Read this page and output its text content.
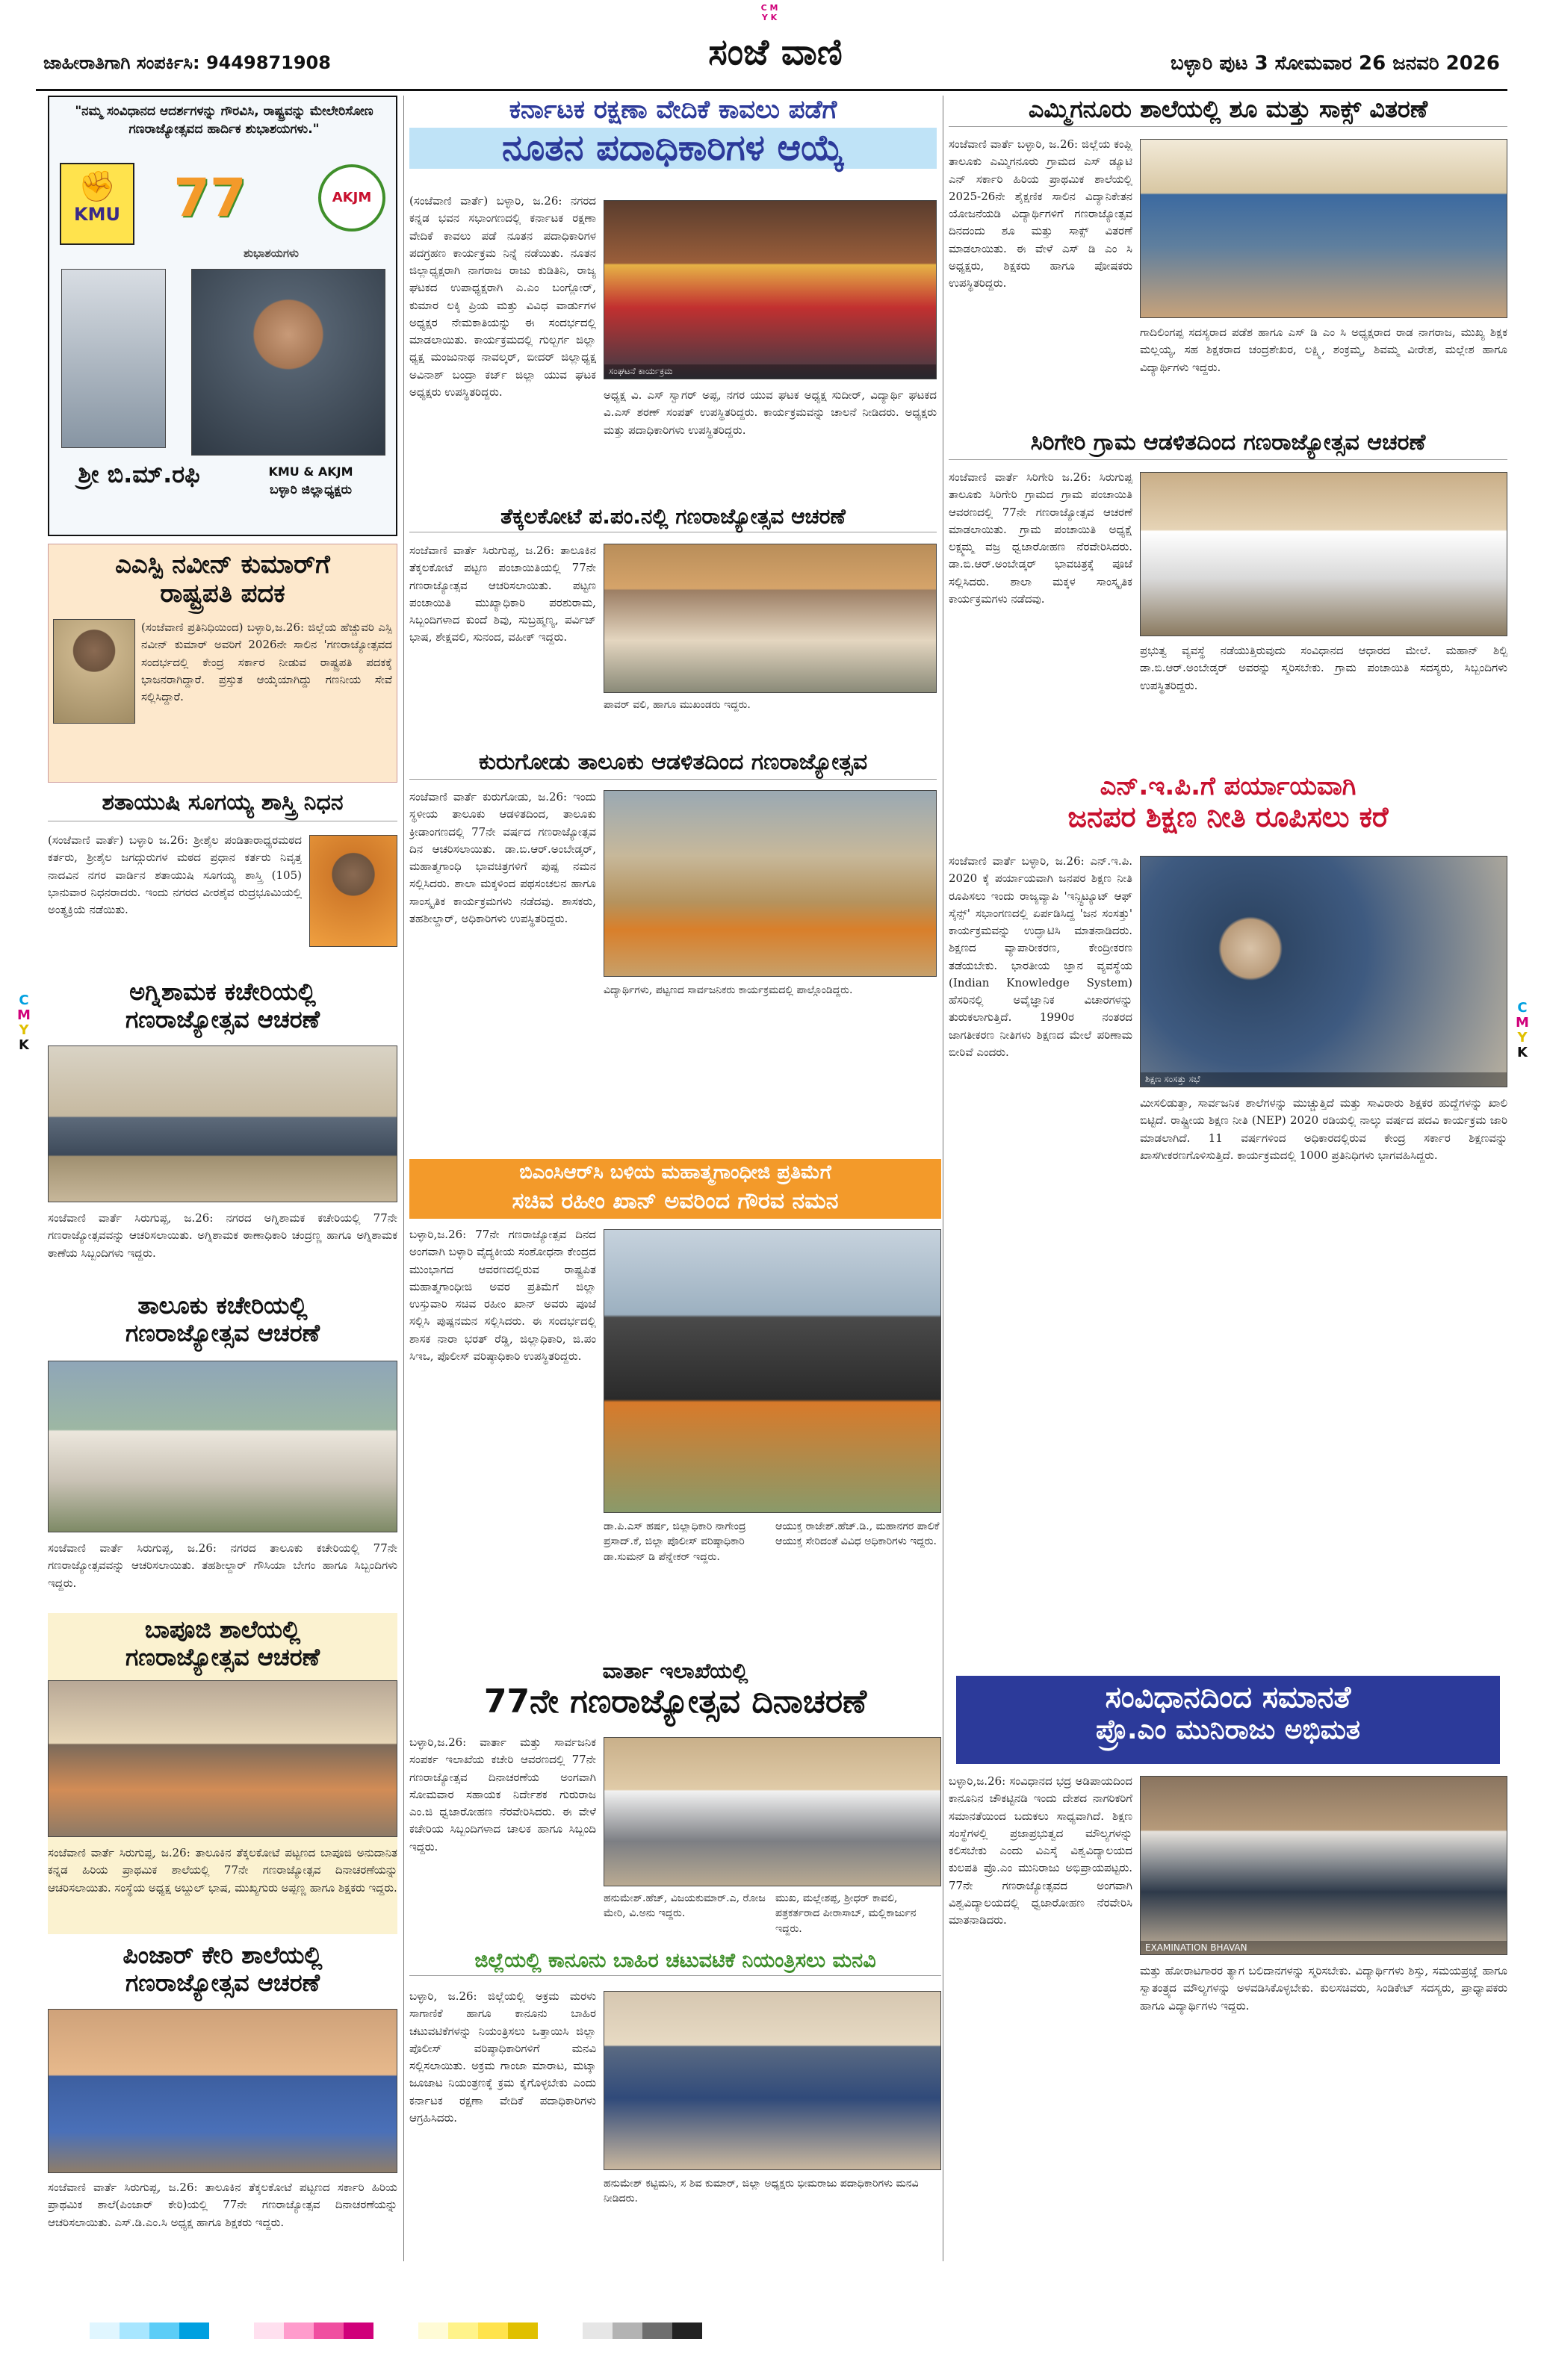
C M
Y K
ಜಾಹೀರಾತಿಗಾಗಿ ಸಂಪರ್ಕಿಸಿ: 9449871908	ಸಂಜೆ ವಾಣಿ	ಬಳ್ಳಾರಿ ಪುಟ 3 ಸೋಮವಾರ 26 ಜನವರಿ 2026
"ನಮ್ಮ ಸಂವಿಧಾನದ ಆದರ್ಶಗಳನ್ನು ಗೌರವಿಸಿ, ರಾಷ್ಟ್ರವನ್ನು ಮೇಲೇರಿಸೋಣ ಗಣರಾಜ್ಯೋತ್ಸವದ ಹಾರ್ದಿಕ ಶುಭಾಶಯಗಳು."
✊
KMU	77	AKJM
ಶುಭಾಶಯಗಳು
ಶ್ರೀ ಬಿ.ಮ್.ರಫಿ	KMU & AKJM
ಬಳ್ಳಾರಿ ಜಿಲ್ಲಾಧ್ಯಕ್ಷರು
ಎಎಸ್ಪಿ ನವೀನ್ ಕುಮಾರ್‌ಗೆ
ರಾಷ್ಟ್ರಪತಿ ಪದಕ
(ಸಂಜೆವಾಣಿ ಪ್ರತಿನಿಧಿಯಿಂದ) ಬಳ್ಳಾರಿ,ಜ.26: ಜಿಲ್ಲೆಯ ಹೆಚ್ಚುವರಿ ಎಸ್ಪಿ ನವೀನ್ ಕುಮಾರ್ ಅವರಿಗೆ 2026ನೇ ಸಾಲಿನ 'ಗಣರಾಜ್ಯೋತ್ಸವದ ಸಂದರ್ಭದಲ್ಲಿ ಕೇಂದ್ರ ಸರ್ಕಾರ ನೀಡುವ ರಾಷ್ಟ್ರಪತಿ ಪದಕಕ್ಕೆ ಭಾಜನರಾಗಿದ್ದಾರೆ. ಪ್ರಸ್ತುತ ಆಯ್ಕೆಯಾಗಿದ್ದು ಗಣನೀಯ ಸೇವೆ ಸಲ್ಲಿಸಿದ್ದಾರೆ.
ಶತಾಯುಷಿ ಸೂಗಯ್ಯ ಶಾಸ್ತ್ರಿ ನಿಧನ
(ಸಂಜೆವಾಣಿ ವಾರ್ತೆ) ಬಳ್ಳಾರಿ ಜ.26: ಶ್ರೀಶೈಲ ಪಂಡಿತಾರಾಧ್ಯರಮಠದ ಕರ್ತರು, ಶ್ರೀಶೈಲ ಜಗದ್ಗುರುಗಳ ಮಠದ ಪ್ರಧಾನ ಕರ್ತರು ನಿವೃತ್ತ ನಾದವಿನ ನಗರ ವಾರ್ಡಿನ ಶತಾಯುಷಿ ಸೂಗಯ್ಯ ಶಾಸ್ತ್ರಿ (105) ಭಾನುವಾರ ನಿಧನರಾದರು. ಇಂದು ನಗರದ ವೀರಶೈವ ರುದ್ರಭೂಮಿಯಲ್ಲಿ ಅಂತ್ಯಕ್ರಿಯೆ ನಡೆಯಿತು.
ಅಗ್ನಿಶಾಮಕ ಕಚೇರಿಯಲ್ಲಿ
ಗಣರಾಜ್ಯೋತ್ಸವ ಆಚರಣೆ
ಸಂಜೆವಾಣಿ ವಾರ್ತೆ ಸಿರುಗುಪ್ಪ, ಜ.26: ನಗರದ ಅಗ್ನಿಶಾಮಕ ಕಚೇರಿಯಲ್ಲಿ 77ನೇ ಗಣರಾಜ್ಯೋತ್ಸವವನ್ನು ಆಚರಿಸಲಾಯಿತು. ಅಗ್ನಿಶಾಮಕ ಠಾಣಾಧಿಕಾರಿ ಚಂದ್ರಣ್ಣ ಹಾಗೂ ಅಗ್ನಿಶಾಮಕ ಠಾಣೆಯ ಸಿಬ್ಬಂದಿಗಳು ಇದ್ದರು.
ತಾಲೂಕು ಕಚೇರಿಯಲ್ಲಿ
ಗಣರಾಜ್ಯೋತ್ಸವ ಆಚರಣೆ
ಸಂಜೆವಾಣಿ ವಾರ್ತೆ ಸಿರುಗುಪ್ಪ, ಜ.26: ನಗರದ ತಾಲೂಕು ಕಚೇರಿಯಲ್ಲಿ 77ನೇ ಗಣರಾಜ್ಯೋತ್ಸವವನ್ನು ಆಚರಿಸಲಾಯಿತು. ತಹಶೀಲ್ದಾರ್ ಗೌಸಿಯಾ ಬೇಗಂ ಹಾಗೂ ಸಿಬ್ಬಂದಿಗಳು ಇದ್ದರು.
ಬಾಪೂಜಿ ಶಾಲೆಯಲ್ಲಿ
ಗಣರಾಜ್ಯೋತ್ಸವ ಆಚರಣೆ
ಸಂಜೆವಾಣಿ ವಾರ್ತೆ ಸಿರುಗುಪ್ಪ, ಜ.26: ತಾಲೂಕಿನ ತೆಕ್ಕಲಕೋಟೆ ಪಟ್ಟಣದ ಬಾಪೂಜಿ ಅನುದಾನಿತ ಕನ್ನಡ ಹಿರಿಯ ಪ್ರಾಥಮಿಕ ಶಾಲೆಯಲ್ಲಿ 77ನೇ ಗಣರಾಜ್ಯೋತ್ಸವ ದಿನಾಚರಣೆಯನ್ನು ಆಚರಿಸಲಾಯಿತು. ಸಂಸ್ಥೆಯ ಅಧ್ಯಕ್ಷ ಅಬ್ದುಲ್ ಭಾಷ, ಮುಖ್ಯಗುರು ಅಪ್ಪಣ್ಣ ಹಾಗೂ ಶಿಕ್ಷಕರು ಇದ್ದರು.
ಪಿಂಜಾರ್ ಕೇರಿ ಶಾಲೆಯಲ್ಲಿ
ಗಣರಾಜ್ಯೋತ್ಸವ ಆಚರಣೆ
ಸಂಜೆವಾಣಿ ವಾರ್ತೆ ಸಿರುಗುಪ್ಪ, ಜ.26: ತಾಲೂಕಿನ ತೆಕ್ಕಲಕೋಟೆ ಪಟ್ಟಣದ ಸರ್ಕಾರಿ ಹಿರಿಯ ಪ್ರಾಥಮಿಕ ಶಾಲೆ(ಪಿಂಜಾರ್ ಕೇರಿ)ಯಲ್ಲಿ 77ನೇ ಗಣರಾಜ್ಯೋತ್ಸವ ದಿನಾಚರಣೆಯನ್ನು ಆಚರಿಸಲಾಯಿತು. ಎಸ್.ಡಿ.ಎಂ.ಸಿ ಅಧ್ಯಕ್ಷ ಹಾಗೂ ಶಿಕ್ಷಕರು ಇದ್ದರು.
ಕರ್ನಾಟಕ ರಕ್ಷಣಾ ವೇದಿಕೆ ಕಾವಲು ಪಡೆಗೆ
ನೂತನ ಪದಾಧಿಕಾರಿಗಳ ಆಯ್ಕೆ
(ಸಂಜೆವಾಣಿ ವಾರ್ತೆ) ಬಳ್ಳಾರಿ, ಜ.26: ನಗರದ ಕನ್ನಡ ಭವನ ಸಭಾಂಗಣದಲ್ಲಿ ಕರ್ನಾಟಕ ರಕ್ಷಣಾ ವೇದಿಕೆ ಕಾವಲು ಪಡೆ ನೂತನ ಪದಾಧಿಕಾರಿಗಳ ಪದಗ್ರಹಣ ಕಾರ್ಯಕ್ರಮ ನಿನ್ನೆ ನಡೆಯಿತು. ನೂತನ ಜಿಲ್ಲಾಧ್ಯಕ್ಷರಾಗಿ ನಾಗರಾಜ ರಾಜು ಕುಡಿತಿನಿ, ರಾಜ್ಯ ಘಟಕದ ಉಪಾಧ್ಯಕ್ಷರಾಗಿ ಎ.ಎಂ ಬಂಗ್ಲೋರ್, ಕುಮಾರ ಲಕ್ಕಿ ಪ್ರಿಯ ಮತ್ತು ವಿವಿಧ ವಾರ್ಡುಗಳ ಅಧ್ಯಕ್ಷರ ನೇಮಕಾತಿಯನ್ನು ಈ ಸಂದರ್ಭದಲ್ಲಿ ಮಾಡಲಾಯಿತು. ಕಾರ್ಯಕ್ರಮದಲ್ಲಿ ಗುಲ್ಬರ್ಗ ಜಿಲ್ಲಾ ಧ್ಯಕ್ಷ ಮಂಜುನಾಥ ನಾವಲ್ಕರ್, ಬೀದರ್ ಜಿಲ್ಲಾಧ್ಯಕ್ಷ ಅವಿನಾಶ್ ಬಂದ್ರಾ ಕರ್ಜ್ ಜಿಲ್ಲಾ ಯುವ ಘಟಕ ಅಧ್ಯಕ್ಷರು ಉಪಸ್ಥಿತರಿದ್ದರು.
ಸಂಘಟನೆ ಕಾರ್ಯಕ್ರಮ
ಅಧ್ಯಕ್ಷ ವಿ. ಎಸ್ ಸ್ವಾಗರ್ ಅಪ್ಪ, ನಗರ ಯುವ ಘಟಕ ಅಧ್ಯಕ್ಷ ಸುದೀರ್, ವಿದ್ಯಾರ್ಥಿ ಘಟಕದ ವಿ.ಎಸ್ ಶರಣ್ ಸಂಪತ್ ಉಪಸ್ಥಿತರಿದ್ದರು. ಕಾರ್ಯಕ್ರಮವನ್ನು ಚಾಲನೆ ನೀಡಿದರು. ಅಧ್ಯಕ್ಷರು ಮತ್ತು ಪದಾಧಿಕಾರಿಗಳು ಉಪಸ್ಥಿತರಿದ್ದರು.
ತೆಕ್ಕಲಕೋಟೆ ಪ.ಪಂ.ನಲ್ಲಿ ಗಣರಾಜ್ಯೋತ್ಸವ ಆಚರಣೆ
ಸಂಜೆವಾಣಿ ವಾರ್ತೆ ಸಿರುಗುಪ್ಪ, ಜ.26: ತಾಲೂಕಿನ ತೆಕ್ಕಲಕೋಟೆ ಪಟ್ಟಣ ಪಂಚಾಯಿತಿಯಲ್ಲಿ 77ನೇ ಗಣರಾಜ್ಯೋತ್ಸವ ಆಚರಿಸಲಾಯಿತು. ಪಟ್ಟಣ ಪಂಚಾಯಿತಿ ಮುಖ್ಯಾಧಿಕಾರಿ ಪರಶುರಾಮ, ಸಿಬ್ಬಂದಿಗಳಾದ ಕುಂದೆ ಶಿವು, ಸುಬ್ರಹ್ಮಣ್ಯ, ಪರ್ವಿಜ್ ಭಾಷ, ಶೇಕ್ಷವಲಿ, ಸುನಂದ, ವಹೀಕ್ ಇದ್ದರು.
ಪಾವರ್ ವಲಿ, ಹಾಗೂ ಮುಖಂಡರು ಇದ್ದರು.
ಕುರುಗೋಡು ತಾಲೂಕು ಆಡಳಿತದಿಂದ ಗಣರಾಜ್ಯೋತ್ಸವ
ಸಂಜೆವಾಣಿ ವಾರ್ತೆ ಕುರುಗೋಡು, ಜ.26: ಇಂದು ಸ್ಥಳೀಯ ತಾಲೂಕು ಆಡಳಿತದಿಂದ, ತಾಲೂಕು ಕ್ರೀಡಾಂಗಣದಲ್ಲಿ 77ನೇ ವರ್ಷದ ಗಣರಾಜ್ಯೋತ್ಸವ ದಿನ ಆಚರಿಸಲಾಯಿತು. ಡಾ.ಬಿ.ಆರ್.ಅಂಬೇಡ್ಕರ್, ಮಹಾತ್ಮಗಾಂಧಿ ಭಾವಚಿತ್ರಗಳಿಗೆ ಪುಷ್ಪ ನಮನ ಸಲ್ಲಿಸಿದರು. ಶಾಲಾ ಮಕ್ಕಳಿಂದ ಪಥಸಂಚಲನ ಹಾಗೂ ಸಾಂಸ್ಕೃತಿಕ ಕಾರ್ಯಕ್ರಮಗಳು ನಡೆದವು. ಶಾಸಕರು, ತಹಶೀಲ್ದಾರ್, ಅಧಿಕಾರಿಗಳು ಉಪಸ್ಥಿತರಿದ್ದರು.
ವಿದ್ಯಾರ್ಥಿಗಳು, ಪಟ್ಟಣದ ಸಾರ್ವಜನಿಕರು ಕಾರ್ಯಕ್ರಮದಲ್ಲಿ ಪಾಲ್ಗೊಂಡಿದ್ದರು.
ಬಿಎಂಸಿಆರ್‌ಸಿ ಬಳಿಯ ಮಹಾತ್ಮಗಾಂಧೀಜಿ ಪ್ರತಿಮೆಗೆ
ಸಚಿವ ರಹೀಂ ಖಾನ್ ಅವರಿಂದ ಗೌರವ ನಮನ
ಬಳ್ಳಾರಿ,ಜ.26: 77ನೇ ಗಣರಾಜ್ಯೋತ್ಸವ ದಿನದ ಅಂಗವಾಗಿ ಬಳ್ಳಾರಿ ವೈದ್ಯಕೀಯ ಸಂಶೋಧನಾ ಕೇಂದ್ರದ ಮುಂಭಾಗದ ಆವರಣದಲ್ಲಿರುವ ರಾಷ್ಟ್ರಪಿತ ಮಹಾತ್ಮಗಾಂಧೀಜಿ ಅವರ ಪ್ರತಿಮೆಗೆ ಜಿಲ್ಲಾ ಉಸ್ತುವಾರಿ ಸಚಿವ ರಹೀಂ ಖಾನ್ ಅವರು ಪೂಜೆ ಸಲ್ಲಿಸಿ ಪುಷ್ಪನಮನ ಸಲ್ಲಿಸಿದರು. ಈ ಸಂದರ್ಭದಲ್ಲಿ ಶಾಸಕ ನಾರಾ ಭರತ್ ರೆಡ್ಡಿ, ಜಿಲ್ಲಾಧಿಕಾರಿ, ಜಿ.ಪಂ ಸಿಇಒ, ಪೊಲೀಸ್ ವರಿಷ್ಠಾಧಿಕಾರಿ ಉಪಸ್ಥಿತರಿದ್ದರು.
ಡಾ.ಪಿ.ಎಸ್ ಹರ್ಷ, ಜಿಲ್ಲಾಧಿಕಾರಿ ನಾಗೇಂದ್ರ ಪ್ರಸಾದ್.ಕೆ, ಜಿಲ್ಲಾ ಪೊಲೀಸ್ ವರಿಷ್ಠಾಧಿಕಾರಿ ಡಾ.ಸುಮನ್ ಡಿ ಪೆನ್ನೇಕರ್ ಇದ್ದರು.
ಆಯುಕ್ತ ರಾಜೇಶ್.ಹೆಚ್.ಡಿ., ಮಹಾನಗರ ಪಾಲಿಕೆ ಆಯುಕ್ತ ಸೇರಿದಂತೆ ವಿವಿಧ ಅಧಿಕಾರಿಗಳು ಇದ್ದರು.
ವಾರ್ತಾ ಇಲಾಖೆಯಲ್ಲಿ
77ನೇ ಗಣರಾಜ್ಯೋತ್ಸವ ದಿನಾಚರಣೆ
ಬಳ್ಳಾರಿ,ಜ.26: ವಾರ್ತಾ ಮತ್ತು ಸಾರ್ವಜನಿಕ ಸಂಪರ್ಕ ಇಲಾಖೆಯ ಕಚೇರಿ ಆವರಣದಲ್ಲಿ 77ನೇ ಗಣರಾಜ್ಯೋತ್ಸವ ದಿನಾಚರಣೆಯ ಅಂಗವಾಗಿ ಸೋಮವಾರ ಸಹಾಯಕ ನಿರ್ದೇಶಕ ಗುರುರಾಜ ಎಂ.ಜಿ ಧ್ವಜಾರೋಹಣ ನೆರವೇರಿಸಿದರು. ಈ ವೇಳೆ ಕಚೇರಿಯ ಸಿಬ್ಬಂದಿಗಳಾದ ಚಾಲಕ ಹಾಗೂ ಸಿಬ್ಬಂದಿ ಇದ್ದರು.
ಹನುಮೇಶ್.ಹೆಚ್, ವಿಜಯಕುಮಾರ್.ಎ, ರೋಜ ಮೇರಿ, ವಿ.ಅನು ಇದ್ದರು.
ಮುಖ, ಮಲ್ಲೇಶಪ್ಪ, ಶ್ರೀಧರ್ ಕಾವಲಿ, ಪತ್ರಕರ್ತರಾದ ಪೀರಾಸಾಬ್, ಮಲ್ಲಿಕಾರ್ಜುನ ಇದ್ದರು.
ಜಿಲ್ಲೆಯಲ್ಲಿ ಕಾನೂನು ಬಾಹಿರ ಚಟುವಟಿಕೆ ನಿಯಂತ್ರಿಸಲು ಮನವಿ
ಬಳ್ಳಾರಿ, ಜ.26: ಜಿಲ್ಲೆಯಲ್ಲಿ ಅಕ್ರಮ ಮರಳು ಸಾಗಾಣಿಕೆ ಹಾಗೂ ಕಾನೂನು ಬಾಹಿರ ಚಟುವಟಿಕೆಗಳನ್ನು ನಿಯಂತ್ರಿಸಲು ಒತ್ತಾಯಿಸಿ ಜಿಲ್ಲಾ ಪೊಲೀಸ್ ವರಿಷ್ಠಾಧಿಕಾರಿಗಳಿಗೆ ಮನವಿ ಸಲ್ಲಿಸಲಾಯಿತು. ಅಕ್ರಮ ಗಾಂಜಾ ಮಾರಾಟ, ಮಟ್ಕಾ ಜೂಜಾಟ ನಿಯಂತ್ರಣಕ್ಕೆ ಕ್ರಮ ಕೈಗೊಳ್ಳಬೇಕು ಎಂದು ಕರ್ನಾಟಕ ರಕ್ಷಣಾ ವೇದಿಕೆ ಪದಾಧಿಕಾರಿಗಳು ಆಗ್ರಹಿಸಿದರು.
ಹನುಮೇಶ್ ಕಟ್ಟಿಮನಿ, ಸ ಶಿವ ಕುಮಾರ್, ಜಿಲ್ಲಾ ಅಧ್ಯಕ್ಷರು ಭೀಮರಾಜು ಪದಾಧಿಕಾರಿಗಳು ಮನವಿ ನೀಡಿದರು.
ಎಮ್ಮಿಗನೂರು ಶಾಲೆಯಲ್ಲಿ ಶೂ ಮತ್ತು ಸಾಕ್ಸ್ ವಿತರಣೆ
ಸಂಜೆವಾಣಿ ವಾರ್ತೆ ಬಳ್ಳಾರಿ, ಜ.26: ಜಿಲ್ಲೆಯ ಕಂಪ್ಲಿ ತಾಲೂಕು ಎಮ್ಮಿಗನೂರು ಗ್ರಾಮದ ಎಸ್ ಡ್ಯೂಟಿ ಎನ್ ಸರ್ಕಾರಿ ಹಿರಿಯ ಪ್ರಾಥಮಿಕ ಶಾಲೆಯಲ್ಲಿ 2025-26ನೇ ಶೈಕ್ಷಣಿಕ ಸಾಲಿನ ವಿದ್ಯಾನಿಕೇತನ ಯೋಜನೆಯಡಿ ವಿದ್ಯಾರ್ಥಿಗಳಿಗೆ ಗಣರಾಜ್ಯೋತ್ಸವ ದಿನದಂದು ಶೂ ಮತ್ತು ಸಾಕ್ಸ್ ವಿತರಣೆ ಮಾಡಲಾಯಿತು. ಈ ವೇಳೆ ಎಸ್ ಡಿ ಎಂ ಸಿ ಅಧ್ಯಕ್ಷರು, ಶಿಕ್ಷಕರು ಹಾಗೂ ಪೋಷಕರು ಉಪಸ್ಥಿತರಿದ್ದರು.
ಗಾದಿಲಿಂಗಪ್ಪ ಸದಸ್ಯರಾದ ಪಡೆಶ ಹಾಗೂ ಎಸ್ ಡಿ ಎಂ ಸಿ ಅಧ್ಯಕ್ಷರಾದ ರಾಡ ನಾಗರಾಜ, ಮುಖ್ಯ ಶಿಕ್ಷಕ ಮಲ್ಲಯ್ಯ, ಸಹ ಶಿಕ್ಷಕರಾದ ಚಂದ್ರಶೇಖರ, ಲಕ್ಷ್ಮಿ, ಶಂಕ್ರಮ್ಮ, ಶಿವಮ್ಮ ವೀರೇಶ, ಮಲ್ಲೇಶ ಹಾಗೂ ವಿದ್ಯಾರ್ಥಿಗಳು ಇದ್ದರು.
ಸಿರಿಗೇರಿ ಗ್ರಾಮ ಆಡಳಿತದಿಂದ ಗಣರಾಜ್ಯೋತ್ಸವ ಆಚರಣೆ
ಸಂಜೆವಾಣಿ ವಾರ್ತೆ ಸಿರಿಗೇರಿ ಜ.26: ಸಿರುಗುಪ್ಪ ತಾಲೂಕು ಸಿರಿಗೇರಿ ಗ್ರಾಮದ ಗ್ರಾಮ ಪಂಚಾಯಿತಿ ಆವರಣದಲ್ಲಿ 77ನೇ ಗಣರಾಜ್ಯೋತ್ಸವ ಆಚರಣೆ ಮಾಡಲಾಯಿತು. ಗ್ರಾಮ ಪಂಚಾಯಿತಿ ಅಧ್ಯಕ್ಷೆ ಲಕ್ಷ್ಮಮ್ಮ ವಜ್ರ ಧ್ವಜಾರೋಹಣ ನೆರವೇರಿಸಿದರು. ಡಾ.ಬಿ.ಆರ್.ಅಂಬೇಡ್ಕರ್ ಭಾವಚಿತ್ರಕ್ಕೆ ಪೂಜೆ ಸಲ್ಲಿಸಿದರು. ಶಾಲಾ ಮಕ್ಕಳ ಸಾಂಸ್ಕೃತಿಕ ಕಾರ್ಯಕ್ರಮಗಳು ನಡೆದವು.
ಪ್ರಭುತ್ವ ವ್ಯವಸ್ಥೆ ನಡೆಯುತ್ತಿರುವುದು ಸಂವಿಧಾನದ ಆಧಾರದ ಮೇಲೆ. ಮಹಾನ್ ಶಿಲ್ಪಿ ಡಾ.ಬಿ.ಆರ್.ಅಂಬೇಡ್ಕರ್ ಅವರನ್ನು ಸ್ಮರಿಸಬೇಕು. ಗ್ರಾಮ ಪಂಚಾಯಿತಿ ಸದಸ್ಯರು, ಸಿಬ್ಬಂದಿಗಳು ಉಪಸ್ಥಿತರಿದ್ದರು.
ಎನ್.ಇ.ಪಿ.ಗೆ ಪರ್ಯಾಯವಾಗಿ
ಜನಪರ ಶಿಕ್ಷಣ ನೀತಿ ರೂಪಿಸಲು ಕರೆ
ಸಂಜೆವಾಣಿ ವಾರ್ತೆ ಬಳ್ಳಾರಿ, ಜ.26: ಎನ್.ಇ.ಪಿ. 2020 ಕ್ಕೆ ಪರ್ಯಾಯವಾಗಿ ಜನಪರ ಶಿಕ್ಷಣ ನೀತಿ ರೂಪಿಸಲು ಇಂದು ರಾಜ್ಯವ್ಯಾಪಿ 'ಇನ್ಸ್ಟಿಟ್ಯೂಟ್ ಆಫ್ ಸೈನ್ಸ್' ಸಭಾಂಗಣದಲ್ಲಿ ಏರ್ಪಡಿಸಿದ್ದ 'ಜನ ಸಂಸತ್ತು' ಕಾರ್ಯಕ್ರಮವನ್ನು ಉದ್ಘಾಟಿಸಿ ಮಾತನಾಡಿದರು. ಶಿಕ್ಷಣದ ವ್ಯಾಪಾರೀಕರಣ, ಕೇಂದ್ರೀಕರಣ ತಡೆಯಬೇಕು. ಭಾರತೀಯ ಜ್ಞಾನ ವ್ಯವಸ್ಥೆಯ (Indian Knowledge System) ಹೆಸರಿನಲ್ಲಿ ಅವೈಜ್ಞಾನಿಕ ವಿಚಾರಗಳನ್ನು ತುರುಕಲಾಗುತ್ತಿದೆ. 1990ರ ನಂತರದ ಜಾಗತೀಕರಣ ನೀತಿಗಳು ಶಿಕ್ಷಣದ ಮೇಲೆ ಪರಿಣಾಮ ಬೀರಿವೆ ಎಂದರು.
ಶಿಕ್ಷಣ ಸಂಸತ್ತು ಸಭೆ
ಮೀಸಲಿಡುತ್ತಾ, ಸಾರ್ವಜನಿಕ ಶಾಲೆಗಳನ್ನು ಮುಚ್ಚುತ್ತಿದೆ ಮತ್ತು ಸಾವಿರಾರು ಶಿಕ್ಷಕರ ಹುದ್ದೆಗಳನ್ನು ಖಾಲಿ ಬಿಟ್ಟಿದೆ. ರಾಷ್ಟ್ರೀಯ ಶಿಕ್ಷಣ ನೀತಿ (NEP) 2020 ರಡಿಯಲ್ಲಿ ನಾಲ್ಕು ವರ್ಷದ ಪದವಿ ಕಾರ್ಯಕ್ರಮ ಜಾರಿ ಮಾಡಲಾಗಿದೆ. 11 ವರ್ಷಗಳಿಂದ ಅಧಿಕಾರದಲ್ಲಿರುವ ಕೇಂದ್ರ ಸರ್ಕಾರ ಶಿಕ್ಷಣವನ್ನು ಖಾಸಗೀಕರಣಗೊಳಿಸುತ್ತಿದೆ. ಕಾರ್ಯಕ್ರಮದಲ್ಲಿ 1000 ಪ್ರತಿನಿಧಿಗಳು ಭಾಗವಹಿಸಿದ್ದರು.
ಸಂವಿಧಾನದಿಂದ ಸಮಾನತೆ
ಪ್ರೊ.ಎಂ ಮುನಿರಾಜು ಅಭಿಮತ
ಬಳ್ಳಾರಿ,ಜ.26: ಸಂವಿಧಾನದ ಭದ್ರ ಅಡಿಪಾಯದಿಂದ ಕಾನೂನಿನ ಚೌಕಟ್ಟಿನಡಿ ಇಂದು ದೇಶದ ನಾಗರಿಕರಿಗೆ ಸಮಾನತೆಯಿಂದ ಬದುಕಲು ಸಾಧ್ಯವಾಗಿದೆ. ಶಿಕ್ಷಣ ಸಂಸ್ಥೆಗಳಲ್ಲಿ ಪ್ರಜಾಪ್ರಭುತ್ವದ ಮೌಲ್ಯಗಳನ್ನು ಕಲಿಸಬೇಕು ಎಂದು ವಿಎಸ್ಕೆ ವಿಶ್ವವಿದ್ಯಾಲಯದ ಕುಲಪತಿ ಪ್ರೊ.ಎಂ ಮುನಿರಾಜು ಅಭಿಪ್ರಾಯಪಟ್ಟರು. 77ನೇ ಗಣರಾಜ್ಯೋತ್ಸವದ ಅಂಗವಾಗಿ ವಿಶ್ವವಿದ್ಯಾಲಯದಲ್ಲಿ ಧ್ವಜಾರೋಹಣ ನೆರವೇರಿಸಿ ಮಾತನಾಡಿದರು.
EXAMINATION BHAVAN
ಮತ್ತು ಹೋರಾಟಗಾರರ ತ್ಯಾಗ ಬಲಿದಾನಗಳನ್ನು ಸ್ಮರಿಸಬೇಕು. ವಿದ್ಯಾರ್ಥಿಗಳು ಶಿಸ್ತು, ಸಮಯಪ್ರಜ್ಞೆ ಹಾಗೂ ಸ್ವಾತಂತ್ರ್ಯದ ಮೌಲ್ಯಗಳನ್ನು ಅಳವಡಿಸಿಕೊಳ್ಳಬೇಕು. ಕುಲಸಚಿವರು, ಸಿಂಡಿಕೇಟ್ ಸದಸ್ಯರು, ಪ್ರಾಧ್ಯಾಪಕರು ಹಾಗೂ ವಿದ್ಯಾರ್ಥಿಗಳು ಇದ್ದರು.
C
M
Y
K
C
M
Y
K
